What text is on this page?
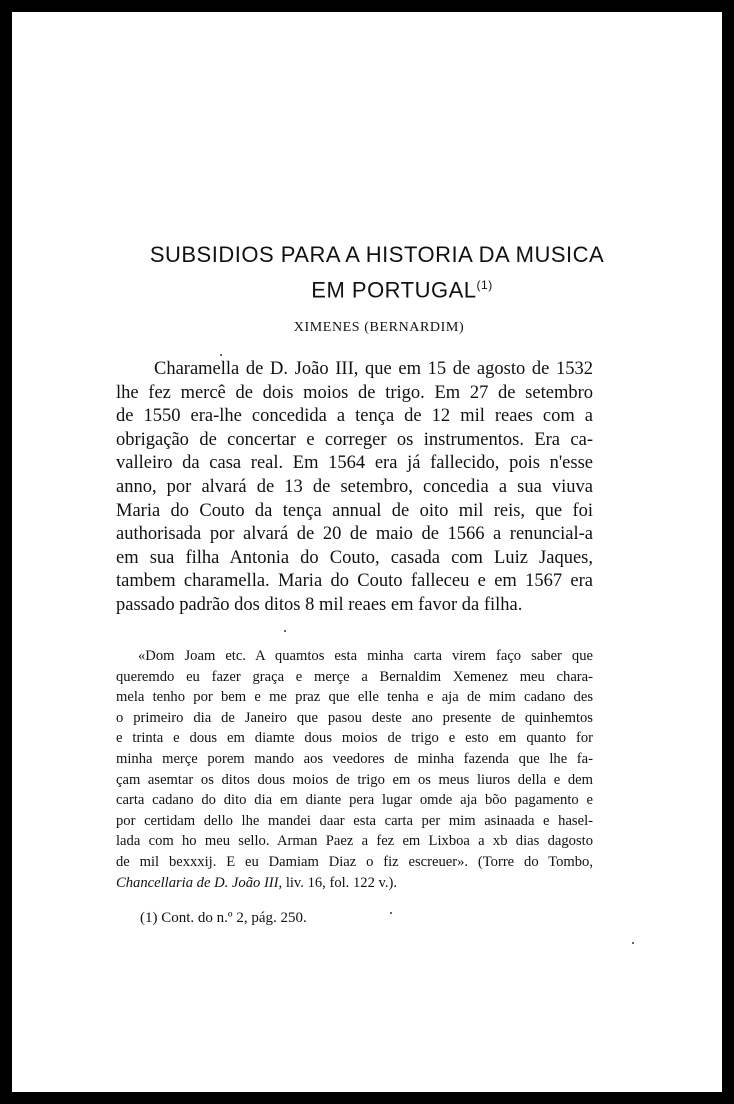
SUBSIDIOS PARA A HISTORIA DA MUSICA
EM PORTUGAL$^{(1)}$
XIMENES (BERNARDIM)
Charamella de D. João III, que em 15 de agosto de 1532
lhe fez mercê de dois moios de trigo. Em 27 de setembro
de 1550 era-lhe concedida a tença de 12 mil reaes com a
obrigação de concertar e correger os instrumentos. Era ca-
valleiro da casa real. Em 1564 era já fallecido, pois n'esse
anno, por alvará de 13 de setembro, concedia a sua viuva
Maria do Couto da tença annual de oito mil reis, que foi
authorisada por alvará de 20 de maio de 1566 a renuncial-a
em sua filha Antonia do Couto, casada com Luiz Jaques,
tambem charamella. Maria do Couto falleceu e em 1567 era
passado padrão dos ditos 8 mil reaes em favor da filha.
«Dom Joam etc. A quamtos esta minha carta virem faço saber que
queremdo eu fazer graça e merçe a Bernaldim Xemenez meu chara-
mela tenho por bem e me praz que elle tenha e aja de mim cadano des
o primeiro dia de Janeiro que pasou deste ano presente de quinhemtos
e trinta e dous em diamte dous moios de trigo e esto em quanto for
minha merçe porem mando aos veedores de minha fazenda que lhe fa-
çam asemtar os ditos dous moios de trigo em os meus liuros della e dem
carta cadano do dito dia em diante pera lugar omde aja bõo pagamento e
por certidam dello lhe mandei daar esta carta per mim asinaada e hasel-
lada com ho meu sello. Arman Paez a fez em Lixboa a xb dias dagosto
de mil bexxxij. E eu Damiam Diaz o fiz escreuer». (Torre do Tombo,
Chancellaria de D. João III, liv. 16, fol. 122 v.).
(1) Cont. do n.º 2, pág. 250.
